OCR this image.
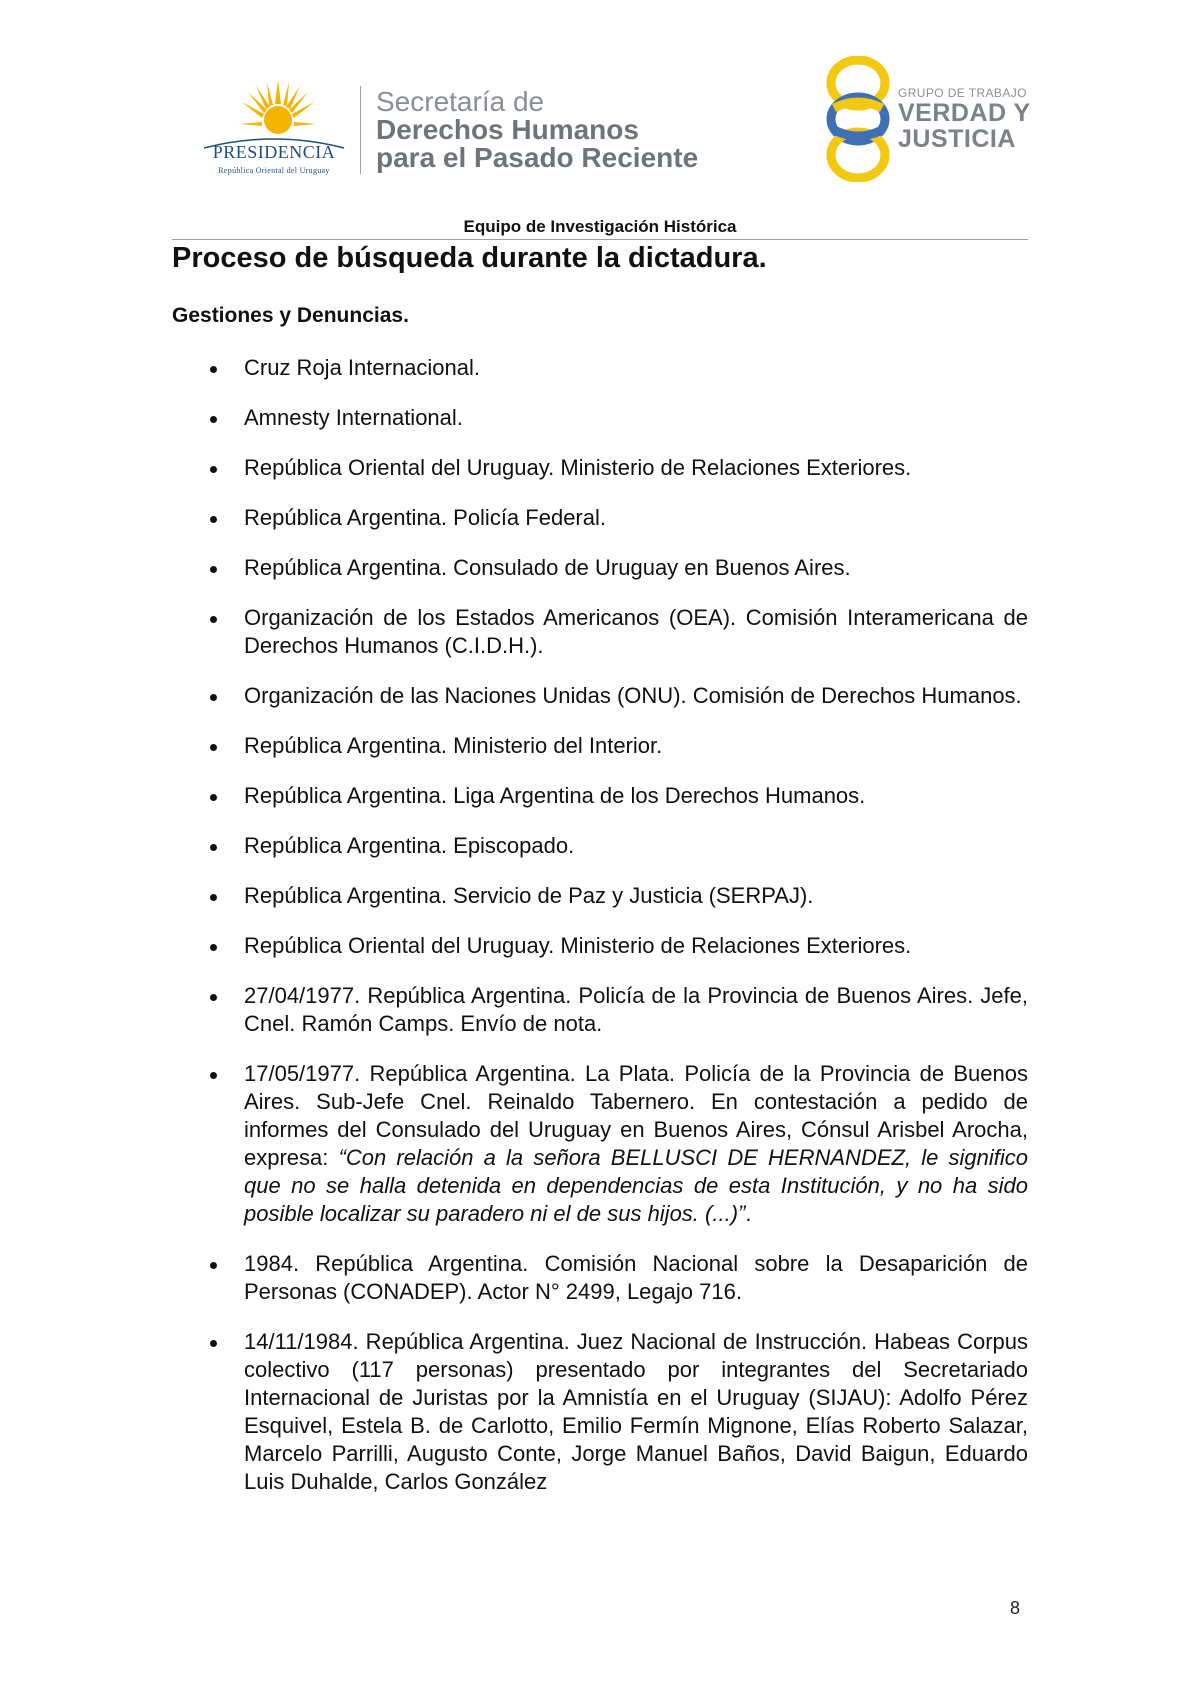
PRESIDENCIA
República Oriental del Uruguay
Secretaría de
Derechos Humanos
para el Pasado Reciente
GRUPO DE TRABAJO
VERDAD Y
JUSTICIA
Equipo de Investigación Histórica
Proceso de búsqueda durante la dictadura.
Gestiones y Denuncias.
Cruz Roja Internacional.
Amnesty International.
República Oriental del Uruguay. Ministerio de Relaciones Exteriores.
República Argentina. Policía Federal.
República Argentina. Consulado de Uruguay en Buenos Aires.
Organización de los Estados Americanos (OEA). Comisión Interamericana de Derechos Humanos (C.I.D.H.).
Organización de las Naciones Unidas (ONU). Comisión de Derechos Humanos.
República Argentina. Ministerio del Interior.
República Argentina. Liga Argentina de los Derechos Humanos.
República Argentina. Episcopado.
República Argentina. Servicio de Paz y Justicia (SERPAJ).
República Oriental del Uruguay. Ministerio de Relaciones Exteriores.
27/04/1977. República Argentina. Policía de la Provincia de Buenos Aires. Jefe, Cnel. Ramón Camps. Envío de nota.
17/05/1977. República Argentina. La Plata. Policía de la Provincia de Buenos Aires. Sub-Jefe Cnel. Reinaldo Tabernero. En contestación a pedido de informes del Consulado del Uruguay en Buenos Aires, Cónsul Arisbel Arocha, expresa: “Con relación a la señora BELLUSCI DE HERNANDEZ, le significo que no se halla detenida en dependencias de esta Institución, y no ha sido posible localizar su paradero ni el de sus hijos. (...)”.
1984. República Argentina. Comisión Nacional sobre la Desaparición de Personas (CONADEP). Actor N° 2499, Legajo 716.
14/11/1984. República Argentina. Juez Nacional de Instrucción. Habeas Corpus colectivo (117 personas) presentado por integrantes del Secretariado Internacional de Juristas por la Amnistía en el Uruguay (SIJAU): Adolfo Pérez Esquivel, Estela B. de Carlotto, Emilio Fermín Mignone, Elías Roberto Salazar, Marcelo Parrilli, Augusto Conte, Jorge Manuel Baños, David Baigun, Eduardo Luis Duhalde, Carlos González
8
